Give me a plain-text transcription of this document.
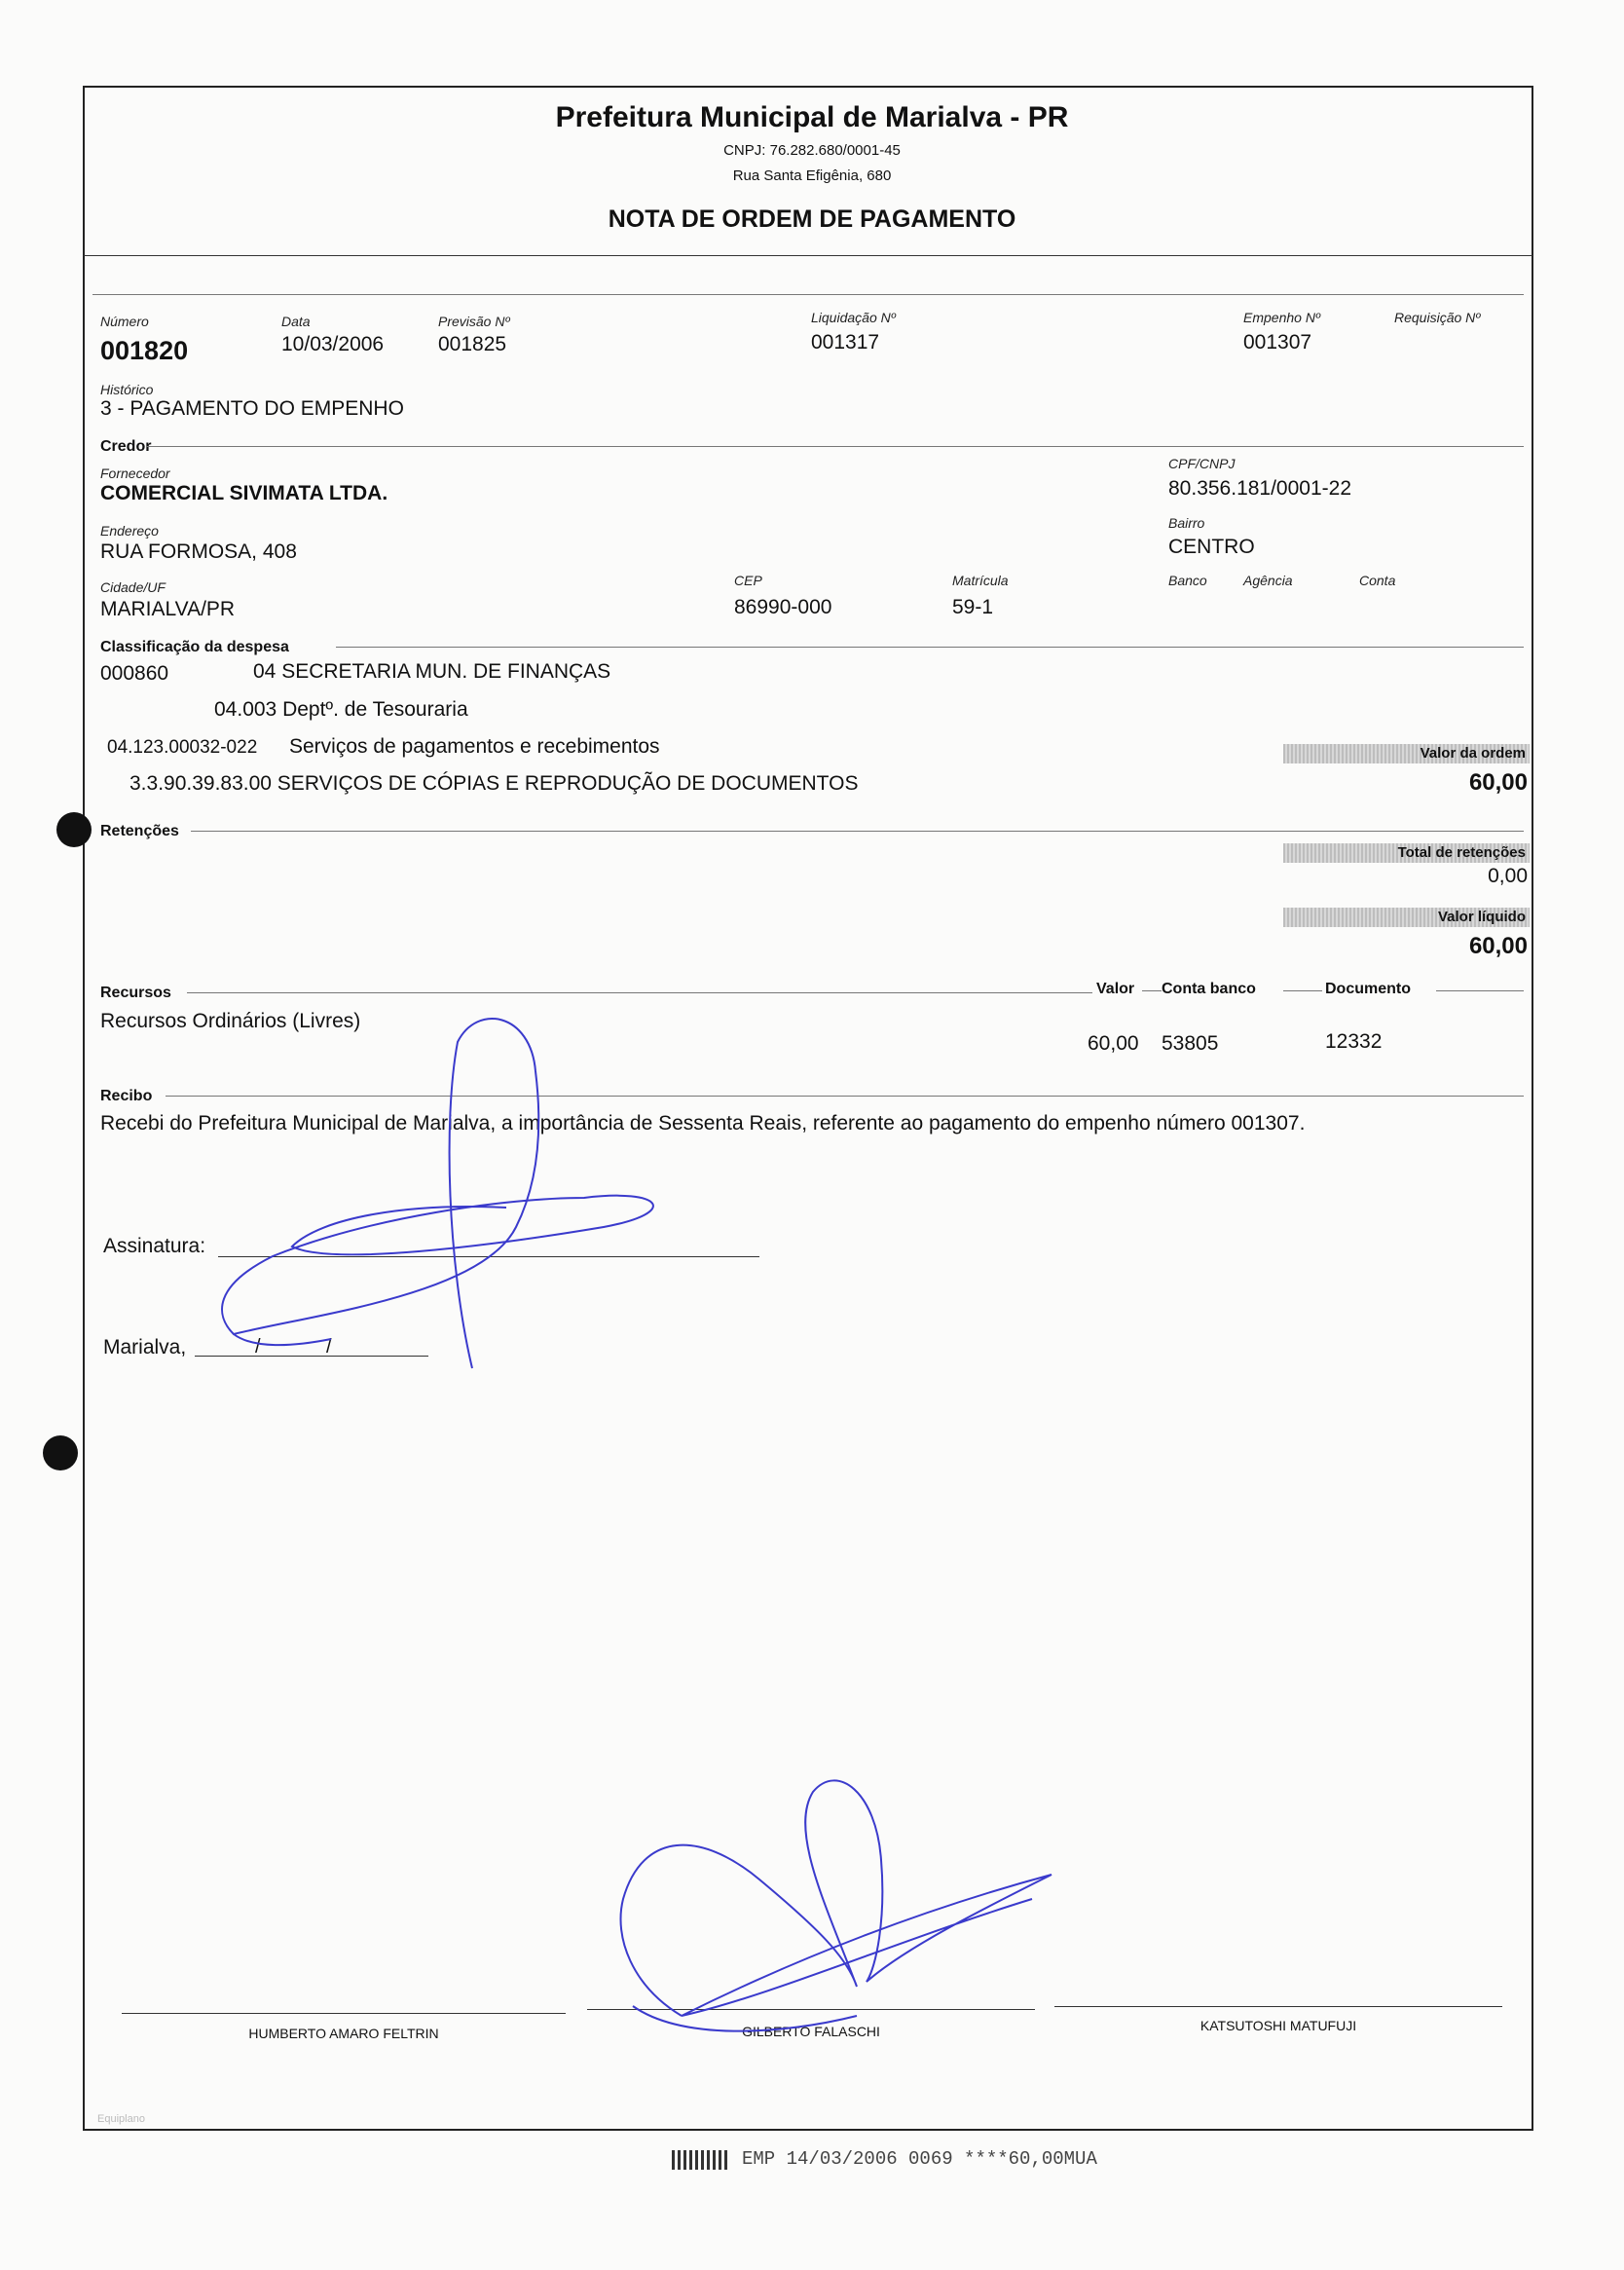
Prefeitura Municipal de Marialva - PR
CNPJ: 76.282.680/0001-45
Rua Santa Efigênia, 680
NOTA DE ORDEM DE PAGAMENTO
Número
001820
Data
10/03/2006
Previsão Nº
001825
Liquidação Nº
001317
Empenho Nº
001307
Requisição Nº
Histórico
3 - PAGAMENTO DO EMPENHO
Credor
Fornecedor
COMERCIAL SIVIMATA LTDA.
CPF/CNPJ
80.356.181/0001-22
Endereço
RUA FORMOSA, 408
Bairro
CENTRO
Cidade/UF
MARIALVA/PR
CEP
86990-000
Matrícula
59-1
Banco	Agência	Conta
Classificação da despesa
000860	04 SECRETARIA MUN. DE FINANÇAS
04.003 Deptº. de Tesouraria
04.123.00032-022 Serviços de pagamentos e recebimentos
3.3.90.39.83.00 SERVIÇOS DE CÓPIAS E REPRODUÇÃO DE DOCUMENTOS
Valor da ordem
60,00
Retenções
Total de retenções
0,00
Valor líquido
60,00
Recursos	Valor Conta banco	Documento
Recursos Ordinários (Livres)
60,00 53805	12332
Recibo
Recebi do Prefeitura Municipal de Marialva, a importância de Sessenta Reais, referente ao pagamento do empenho número 001307.
Assinatura:
Marialva,	/	/
HUMBERTO AMARO FELTRIN	GILBERTO FALASCHI	KATSUTOSHI MATUFUJI
Equiplano
EMP 14/03/2006 0069 ****60,00MUA
